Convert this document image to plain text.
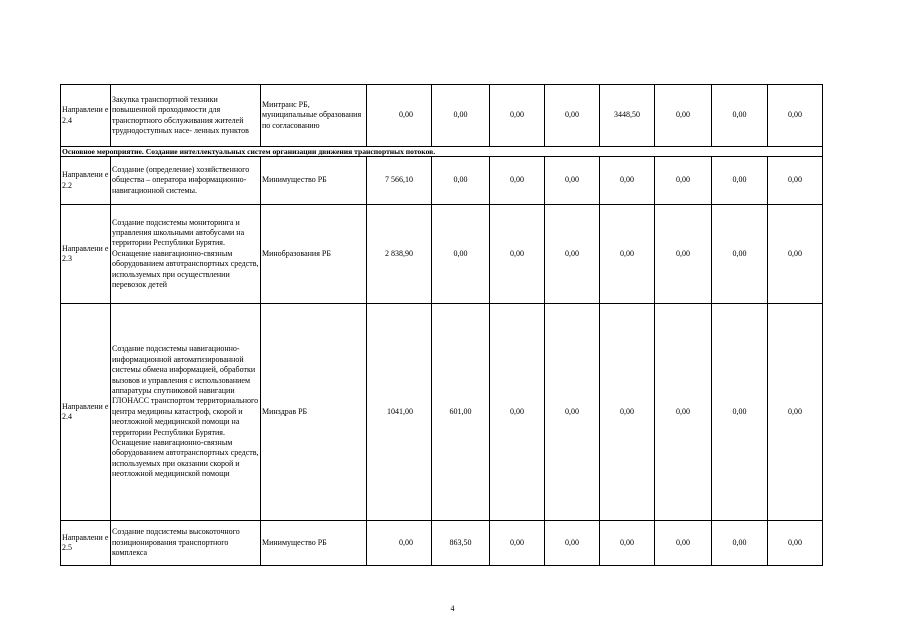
Направлени е 2.4	Закупка транспортной техники повышенной проходимости для транспортного обслуживания жителей труднодоступных насе- ленных пунктов	Минтранс РБ, муниципальные образования по согласованию	0,00	0,00	0,00	0,00	3448,50	0,00	0,00	0,00
Основное мероприятие. Создание интеллектуальных систем организации движения транспортных потоков.										
Направлени е 2.2	Создание (определение) хозяйственного общества – оператора информационно-навигационной системы.	Минимущество РБ	7 566,10	0,00	0,00	0,00	0,00	0,00	0,00	0,00
Направлени е 2.3	Создание подсистемы мониторинга и управления школьными автобусами на территории Республики Бурятия. Оснащение навигационно-связным оборудованием автотранспортных средств, используемых при осуществлении перевозок детей	Минобразования РБ	2 838,90	0,00	0,00	0,00	0,00	0,00	0,00	0,00
Направлени е 2.4	Создание подсистемы навигационно-информационной автоматизированной системы обмена информацией, обработки вызовов и управления с использованием аппаратуры спутниковой навигации ГЛОНАСС транспортом территориального центра медицины катастроф, скорой и неотложной медицинской помощи на территории Республики Бурятия. Оснащение навигационно-связным оборудованием автотранспортных средств, используемых при оказании скорой и неотложной медицинской помощи	Минздрав РБ	1041,00	601,00	0,00	0,00	0,00	0,00	0,00	0,00
Направлени е 2.5	Создание подсистемы высокоточного позиционирования транспортного комплекса	Минимущество РБ	0,00	863,50	0,00	0,00	0,00	0,00	0,00	0,00
4
